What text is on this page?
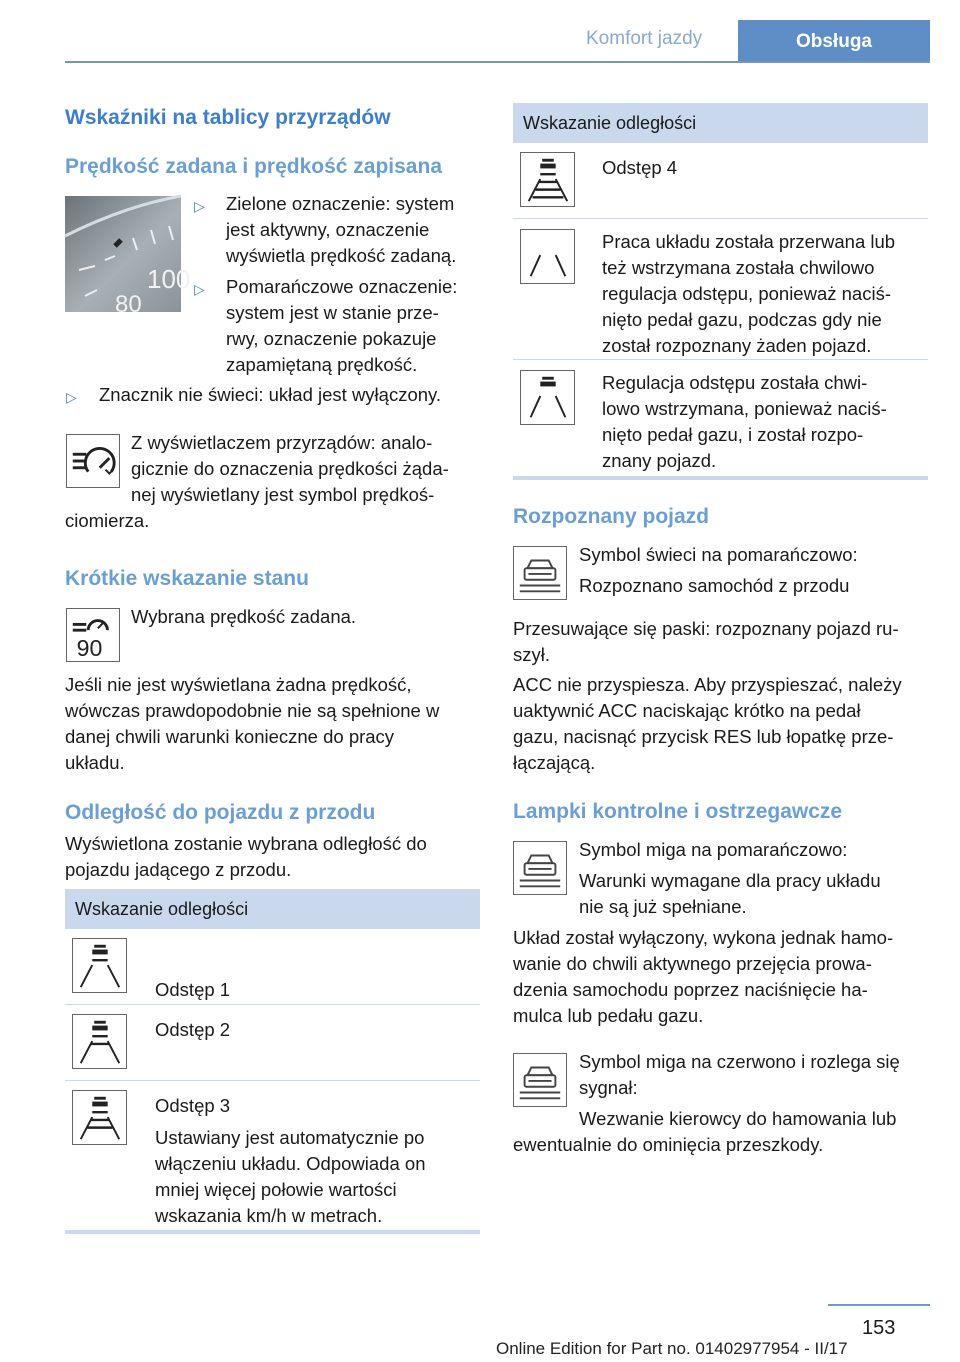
Komfort jazdy	Obsługa
Wskaźniki na tablicy przyrządów
Prędkość zadana i prędkość zapisana
100
80
▷ Zielone oznaczenie: system
jest aktywny, oznaczenie
wyświetla prędkość zadaną.
▷ Pomarańczowe oznaczenie:
system jest w stanie prze-
rwy, oznaczenie pokazuje
zapamiętaną prędkość.
▷ Znacznik nie świeci: układ jest wyłączony.
Z wyświetlaczem przyrządów: analo-
gicznie do oznaczenia prędkości żąda-
nej wyświetlany jest symbol prędkoś-
ciomierza.
Krótkie wskazanie stanu
90
Wybrana prędkość zadana.
Jeśli nie jest wyświetlana żadna prędkość,
wówczas prawdopodobnie nie są spełnione w
danej chwili warunki konieczne do pracy
układu.
Odległość do pojazdu z przodu
Wyświetlona zostanie wybrana odległość do
pojazdu jadącego z przodu.
Wskazanie odległości
Odstęp 1
Odstęp 2
Odstęp 3
Ustawiany jest automatycznie po
włączeniu układu. Odpowiada on
mniej więcej połowie wartości
wskazania km/h w metrach.
Wskazanie odległości
Odstęp 4
Praca układu została przerwana lub
też wstrzymana została chwilowo
regulacja odstępu, ponieważ naciś-
nięto pedał gazu, podczas gdy nie
został rozpoznany żaden pojazd.
Regulacja odstępu została chwi-
lowo wstrzymana, ponieważ naciś-
nięto pedał gazu, i został rozpo-
znany pojazd.
Rozpoznany pojazd
Symbol świeci na pomarańczowo:
Rozpoznano samochód z przodu
Przesuwające się paski: rozpoznany pojazd ru-
szył.
ACC nie przyspiesza. Aby przyspieszać, należy
uaktywnić ACC naciskając krótko na pedał
gazu, nacisnąć przycisk RES lub łopatkę prze-
łączającą.
Lampki kontrolne i ostrzegawcze
Symbol miga na pomarańczowo:
Warunki wymagane dla pracy układu
nie są już spełniane.
Układ został wyłączony, wykona jednak hamo-
wanie do chwili aktywnego przejęcia prowa-
dzenia samochodu poprzez naciśnięcie ha-
mulca lub pedału gazu.
Symbol miga na czerwono i rozlega się
sygnał:
Wezwanie kierowcy do hamowania lub
ewentualnie do ominięcia przeszkody.
153
Online Edition for Part no. 01402977954 - II/17
